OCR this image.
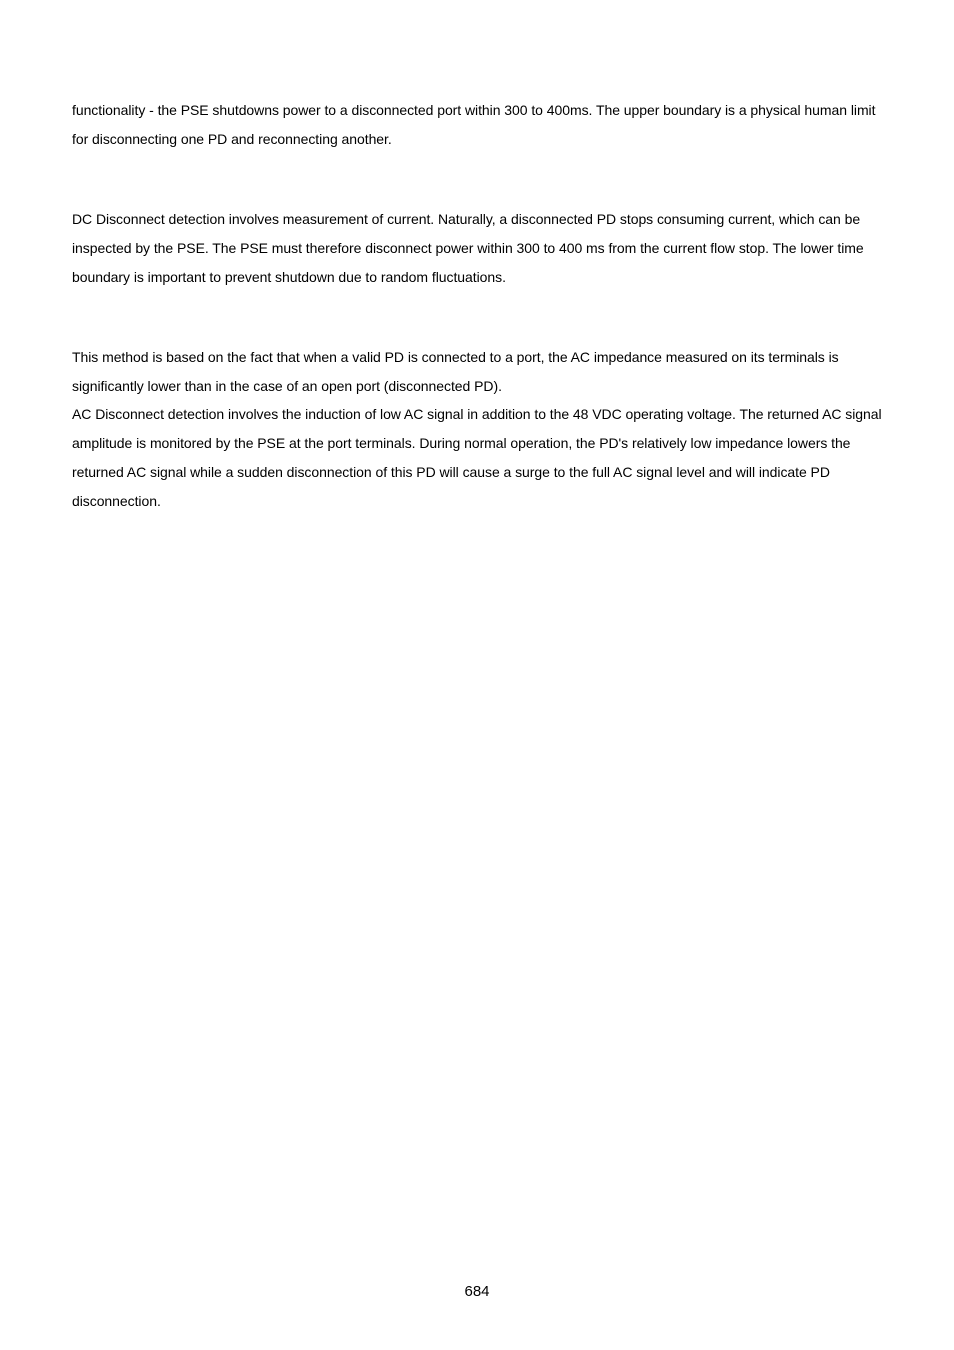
functionality - the PSE shutdowns power to a disconnected port within 300 to 400ms. The upper boundary is a physical human limit for disconnecting one PD and reconnecting another.

DC Disconnect detection involves measurement of current. Naturally, a disconnected PD stops consuming current, which can be inspected by the PSE. The PSE must therefore disconnect power within 300 to 400 ms from the current flow stop. The lower time boundary is important to prevent shutdown due to random fluctuations.

This method is based on the fact that when a valid PD is connected to a port, the AC impedance measured on its terminals is significantly lower than in the case of an open port (disconnected PD).

AC Disconnect detection involves the induction of low AC signal in addition to the 48 VDC operating voltage. The returned AC signal amplitude is monitored by the PSE at the port terminals. During normal operation, the PD's relatively low impedance lowers the returned AC signal while a sudden disconnection of this PD will cause a surge to the full AC signal level and will indicate PD disconnection.

684
